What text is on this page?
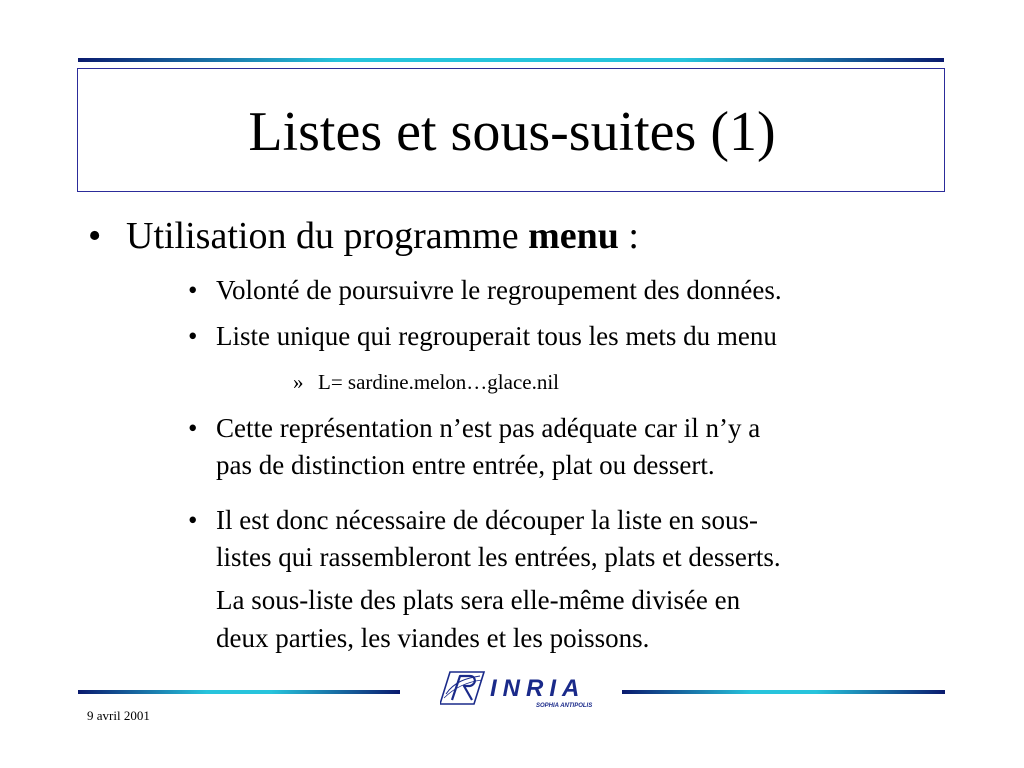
Listes et sous-suites (1)
• Utilisation du programme menu :
• Volonté de poursuivre le regroupement des données.
• Liste unique qui regrouperait tous les mets du menu
» L= sardine.melon…glace.nil
• Cette représentation n’est pas adéquate car il n’y a
pas de distinction entre entrée, plat ou dessert.
• Il est donc nécessaire de découper la liste en sous-
listes qui rassembleront les entrées, plats et desserts.
La sous-liste des plats sera elle-même divisée en
deux parties, les viandes et les poissons.
INRIA
SOPHIA ANTIPOLIS
9 avril 2001
